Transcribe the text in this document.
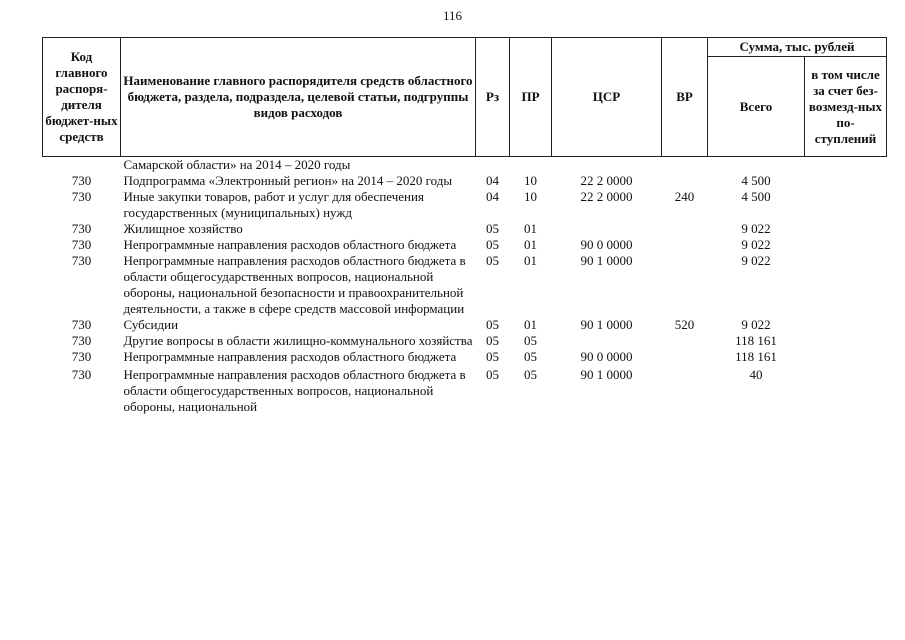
116
Код главного распоря-дителя бюджет-ных средств	Наименование главного распорядителя средств областного бюджета, раздела, подраздела, целевой статьи, подгруппы видов расходов	Рз	ПР	ЦСР	ВР	Сумма, тыс. рублей	
						Всего	в том числе за счет без-возмезд-ных по-ступлений
	Самарской области» на 2014 – 2020 годы						
730	Подпрограмма «Электронный регион» на 2014 – 2020 годы	04	10	22 2 0000		4 500	
730	Иные закупки товаров, работ и услуг для обеспечения государственных (муниципальных) нужд	04	10	22 2 0000	240	4 500	
730	Жилищное хозяйство	05	01			9 022	
730	Непрограммные направления расходов областного бюджета	05	01	90 0 0000		9 022	
730	Непрограммные направления расходов областного бюджета в области общегосударственных вопросов, национальной обороны, национальной безопасности и правоохранительной деятельности, а также в сфере средств массовой информации	05	01	90 1 0000		9 022	
730	Субсидии	05	01	90 1 0000	520	9 022	
730	Другие вопросы в области жилищно-коммунального хозяйства	05	05			118 161	
730	Непрограммные направления расходов областного бюджета	05	05	90 0 0000		118 161	

730	Непрограммные направления расходов областного бюджета в области общегосударственных вопросов, национальной обороны, национальной	05	05	90 1 0000		40	
